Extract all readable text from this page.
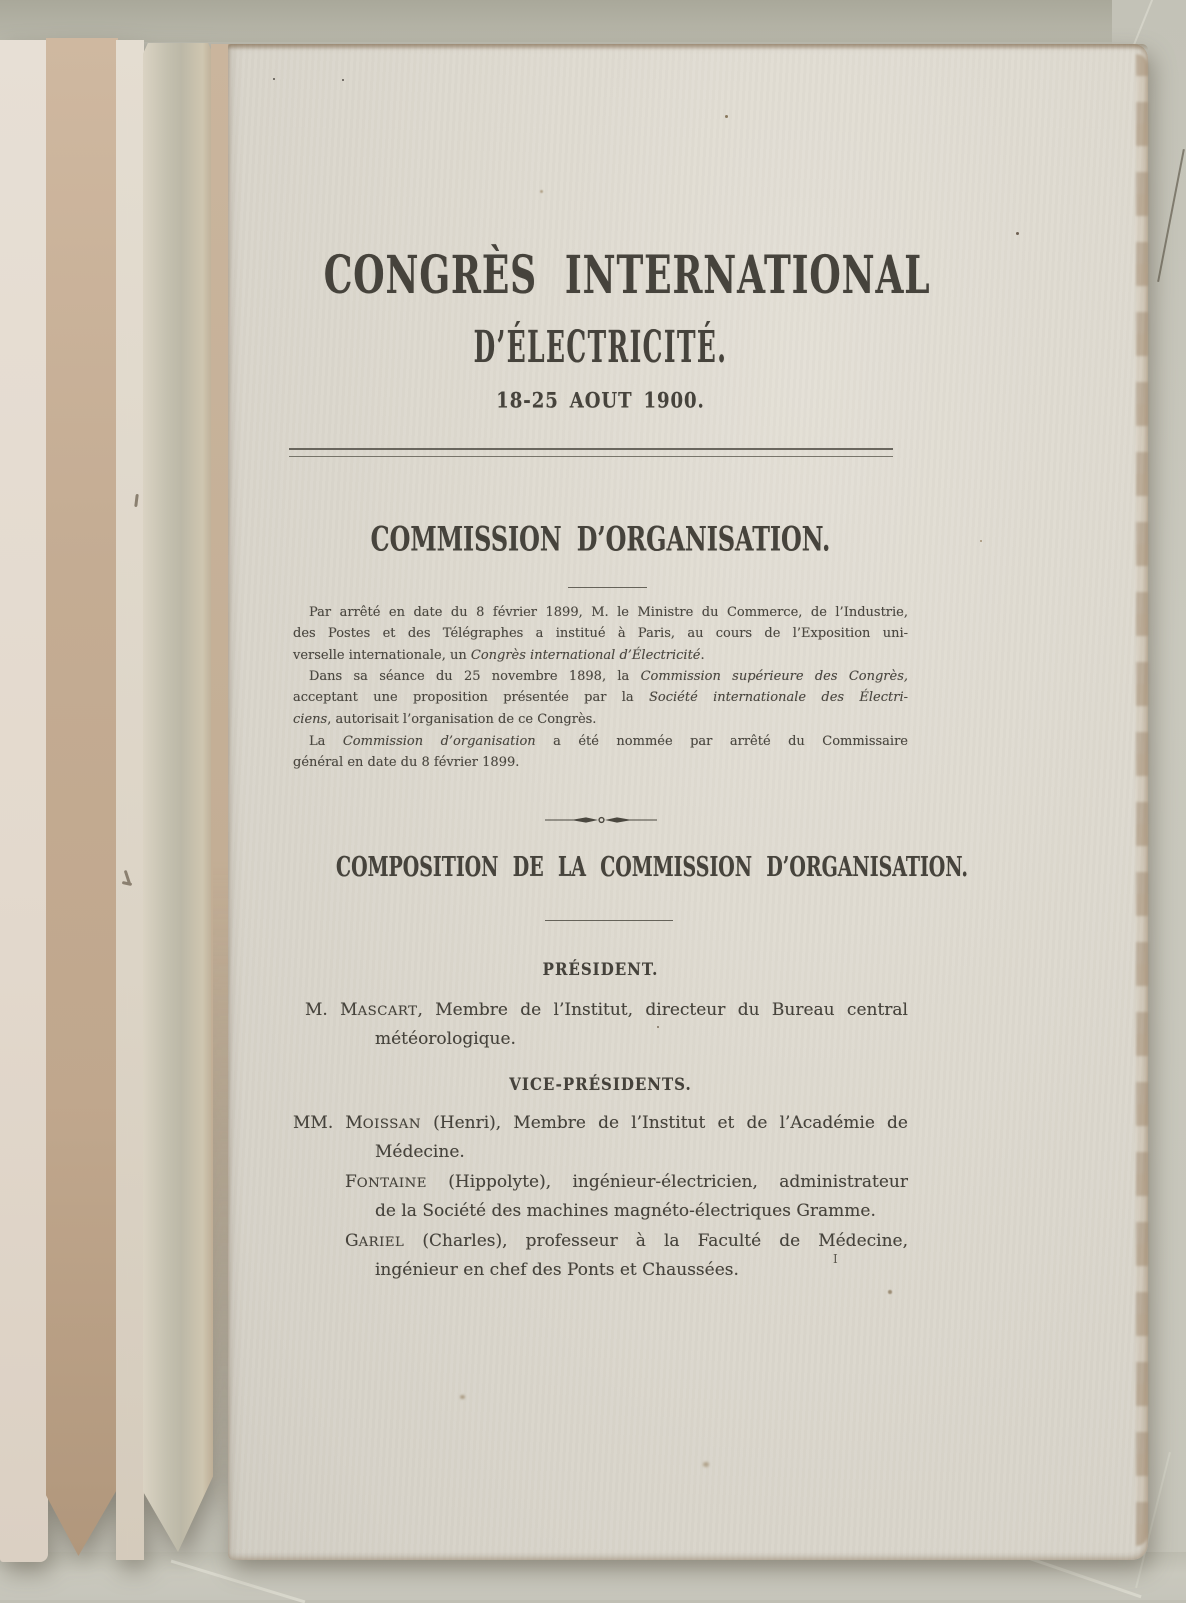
CONGRÈS INTERNATIONAL
D’ÉLECTRICITÉ.
18-25 AOUT 1900.
COMMISSION D’ORGANISATION.
Par arrêté en date du 8 février 1899, M. le Ministre du Commerce, de l’Industrie,
des Postes et des Télégraphes a institué à Paris, au cours de l’Exposition uni-
verselle internationale, un Congrès international d’Électricité.
Dans sa séance du 25 novembre 1898, la Commission supérieure des Congrès,
acceptant une proposition présentée par la Société internationale des Électri-
ciens, autorisait l’organisation de ce Congrès.
La Commission d’organisation a été nommée par arrêté du Commissaire
général en date du 8 février 1899.
COMPOSITION DE LA COMMISSION D’ORGANISATION.
PRÉSIDENT.
M. MASCART, Membre de l’Institut, directeur du Bureau central
météorologique.
VICE-PRÉSIDENTS.
MM. MOISSAN (Henri), Membre de l’Institut et de l’Académie de
Médecine.
FONTAINE (Hippolyte), ingénieur-électricien, administrateur
de la Société des machines magnéto-électriques Gramme.
GARIEL (Charles), professeur à la Faculté de Médecine,
ingénieur en chef des Ponts et Chaussées.
I
